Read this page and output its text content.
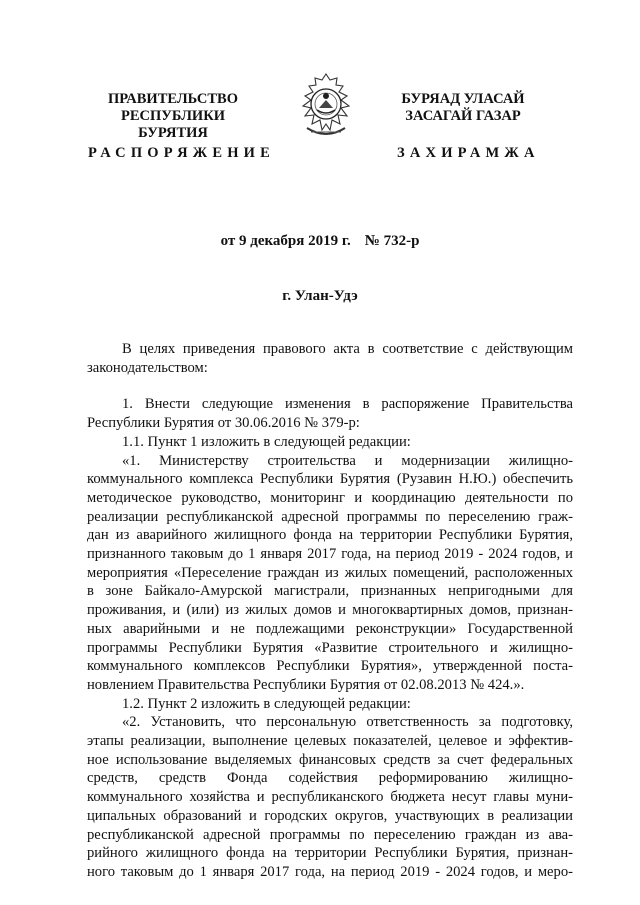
ПРАВИТЕЛЬСТВО
РЕСПУБЛИКИ БУРЯТИЯ
БУРЯАД УЛАСАЙ
ЗАСАГАЙ ГАЗАР
РАСПОРЯЖЕНИЕ	ЗАХИРАМЖА
от 9 декабря 2019 г. № 732-р
г. Улан-Удэ
В целях приведения правового акта в соответствие с действующим
законодательством:
1. Внести следующие изменения в распоряжение Правительства
Республики Бурятия от 30.06.2016 № 379-р:
1.1. Пункт 1 изложить в следующей редакции:
«1. Министерству строительства и модернизации жилищно-
коммунального комплекса Республики Бурятия (Рузавин Н.Ю.) обеспечить
методическое руководство, мониторинг и координацию деятельности по
реализации республиканской адресной программы по переселению граж-
дан из аварийного жилищного фонда на территории Республики Бурятия,
признанного таковым до 1 января 2017 года, на период 2019 - 2024 годов, и
мероприятия «Переселение граждан из жилых помещений, расположенных
в зоне Байкало-Амурской магистрали, признанных непригодными для
проживания, и (или) из жилых домов и многоквартирных домов, признан-
ных аварийными и не подлежащими реконструкции» Государственной
программы Республики Бурятия «Развитие строительного и жилищно-
коммунального комплексов Республики Бурятия», утвержденной поста-
новлением Правительства Республики Бурятия от 02.08.2013 № 424.».
1.2. Пункт 2 изложить в следующей редакции:
«2. Установить, что персональную ответственность за подготовку,
этапы реализации, выполнение целевых показателей, целевое и эффектив-
ное использование выделяемых финансовых средств за счет федеральных
средств, средств Фонда содействия реформированию жилищно-
коммунального хозяйства и республиканского бюджета несут главы муни-
ципальных образований и городских округов, участвующих в реализации
республиканской адресной программы по переселению граждан из ава-
рийного жилищного фонда на территории Республики Бурятия, признан-
ного таковым до 1 января 2017 года, на период 2019 - 2024 годов, и меро-
